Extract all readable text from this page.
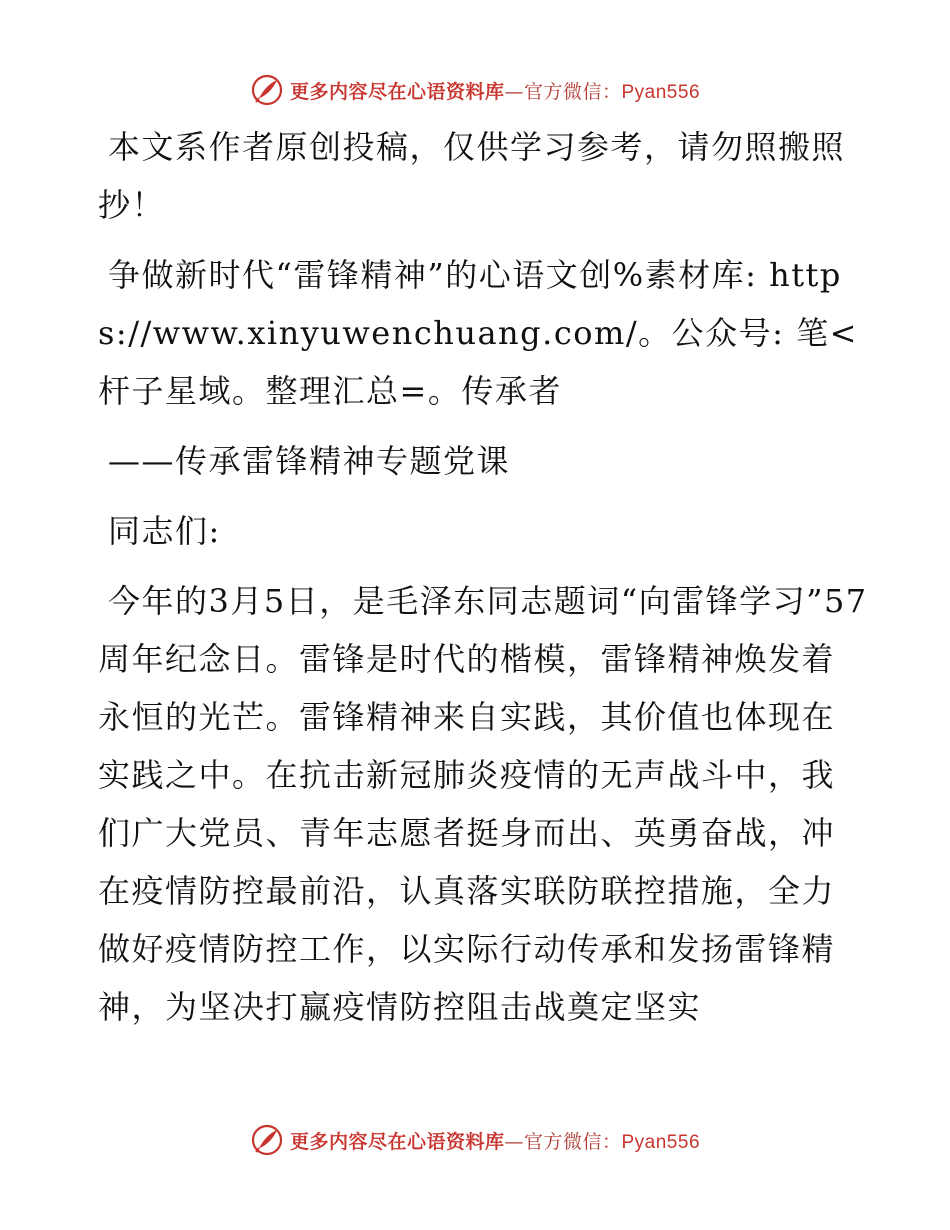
更多内容尽在心语资料库—官方微信：Pyan556

本文系作者原创投稿，仅供学习参考，请勿照搬照抄！

争做新时代“雷锋精神”的心语文创%素材库: https://www.xinyuwenchuang.com/。公众号: 笔<杆子星域。整理汇总=。传承者

——传承雷锋精神专题党课

同志们:

今年的3月5日，是毛泽东同志题词“向雷锋学习”57周年纪念日。雷锋是时代的楷模，雷锋精神焕发着永恒的光芒。雷锋精神来自实践，其价值也体现在实践之中。在抗击新冠肺炎疫情的无声战斗中，我们广大党员、青年志愿者挺身而出、英勇奋战，冲在疫情防控最前沿，认真落实联防联控措施，全力做好疫情防控工作，以实际行动传承和发扬雷锋精神，为坚决打赢疫情防控阻击战奠定坚实

更多内容尽在心语资料库—官方微信：Pyan556
